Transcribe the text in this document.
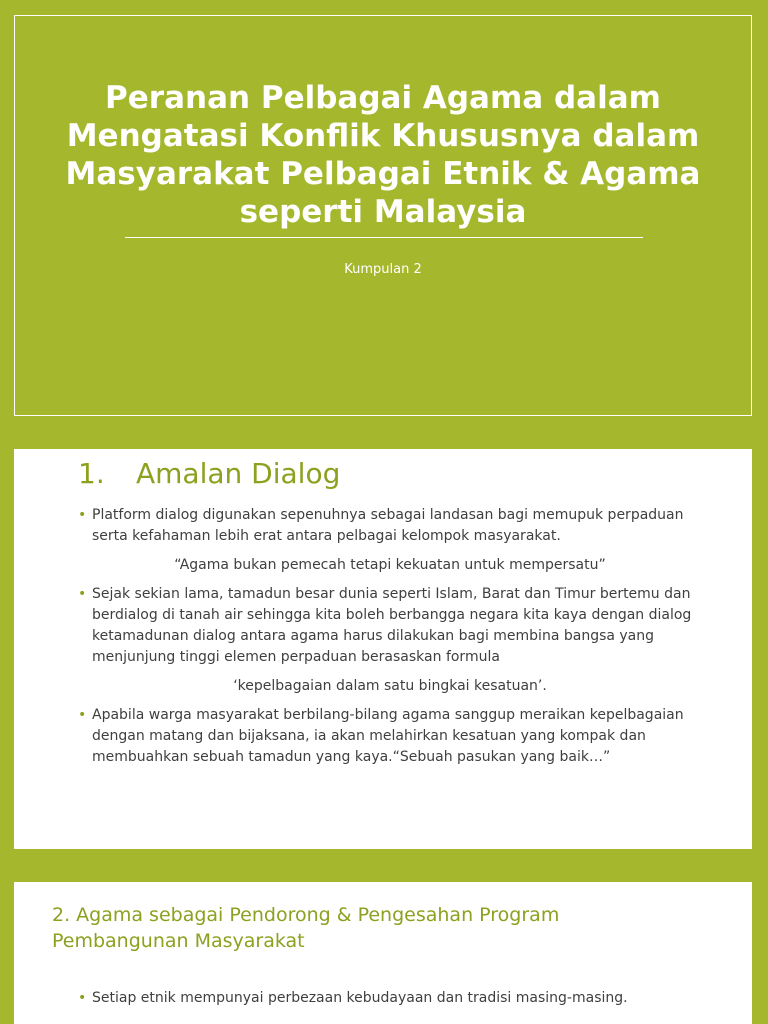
Peranan Pelbagai Agama dalam Mengatasi Konflik Khususnya dalam Masyarakat Pelbagai Etnik & Agama seperti Malaysia
Kumpulan 2
1. Amalan Dialog

• Platform dialog digunakan sepenuhnya sebagai landasan bagi memupuk perpaduan serta kefahaman lebih erat antara pelbagai kelompok masyarakat.

“Agama bukan pemecah tetapi kekuatan untuk mempersatu”

• Sejak sekian lama, tamadun besar dunia seperti Islam, Barat dan Timur bertemu dan berdialog di tanah air sehingga kita boleh berbangga negara kita kaya dengan dialog ketamadunan dialog antara agama harus dilakukan bagi membina bangsa yang menjunjung tinggi elemen perpaduan berasaskan formula

‘kepelbagaian dalam satu bingkai kesatuan’.

• Apabila warga masyarakat berbilang-bilang agama sanggup meraikan kepelbagaian dengan matang dan bijaksana, ia akan melahirkan kesatuan yang kompak dan membuahkan sebuah tamadun yang kaya.“Sebuah pasukan yang baik…”

2. Agama sebagai Pendorong & Pengesahan Program Pembangunan Masyarakat

• Setiap etnik mempunyai perbezaan kebudayaan dan tradisi masing-masing.
